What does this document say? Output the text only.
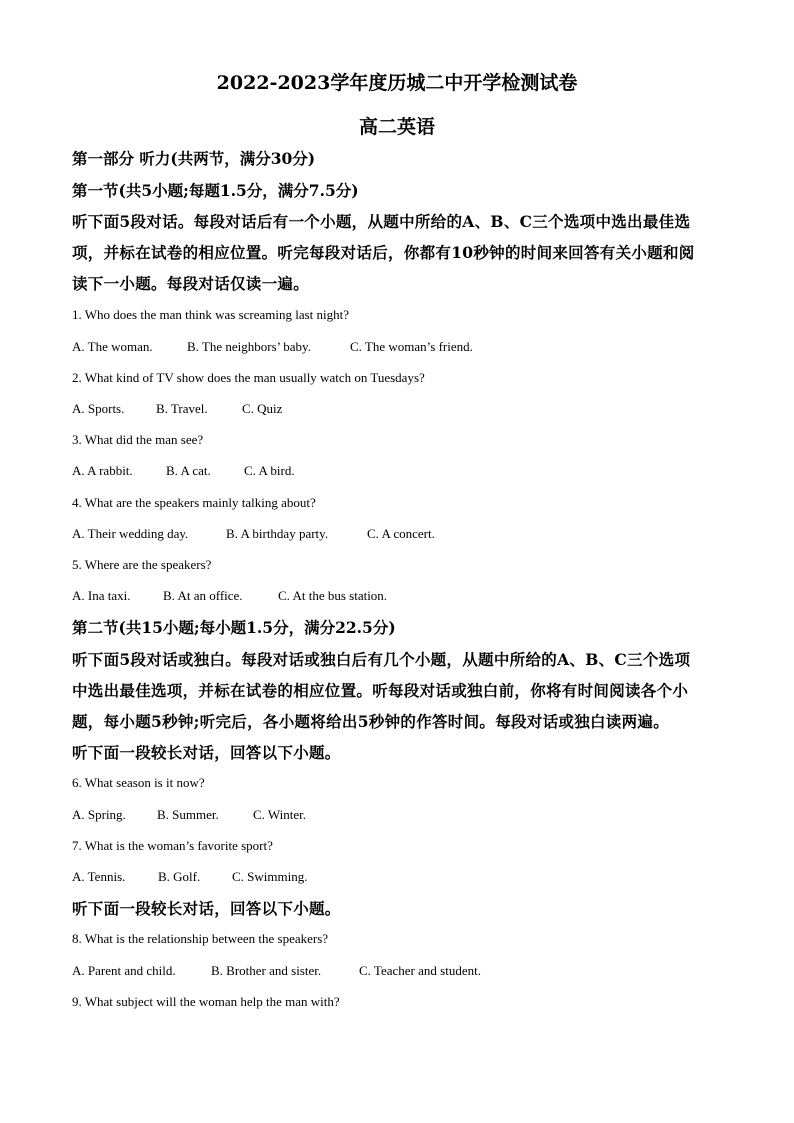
2022-2023学年度历城二中开学检测试卷
高二英语
第一部分 听力(共两节，满分30分)
第一节(共5小题;每题1.5分，满分7.5分)
听下面5段对话。每段对话后有一个小题，从题中所给的A、B、C三个选项中选出最佳选
项，并标在试卷的相应位置。听完每段对话后，你都有10秒钟的时间来回答有关小题和阅
读下一小题。每段对话仅读一遍。
1. Who does the man think was screaming last night?
A. The woman.	B. The neighbors’ baby.	C. The woman’s friend.
2. What kind of TV show does the man usually watch on Tuesdays?
A. Sports. B. Travel.	C. Quiz
3. What did the man see?
A. A rabbit.	B. A cat.	C. A bird.
4. What are the speakers mainly talking about?
A. Their wedding day.	B. A birthday party.	C. A concert.
5. Where are the speakers?
A. Ina taxi.	B. At an office.	C. At the bus station.
第二节(共15小题;每小题1.5分，满分22.5分)
听下面5段对话或独白。每段对话或独白后有几个小题，从题中所给的A、B、C三个选项
中选出最佳选项，并标在试卷的相应位置。听每段对话或独白前，你将有时间阅读各个小
题，每小题5秒钟;听完后，各小题将给出5秒钟的作答时间。每段对话或独白读两遍。
听下面一段较长对话，回答以下小题。
6. What season is it now?
A. Spring. B. Summer.	C. Winter.
7. What is the woman’s favorite sport?
A. Tennis.	B. Golf. C. Swimming.
听下面一段较长对话，回答以下小题。
8. What is the relationship between the speakers?
A. Parent and child.	B. Brother and sister.	C. Teacher and student.
9. What subject will the woman help the man with?
